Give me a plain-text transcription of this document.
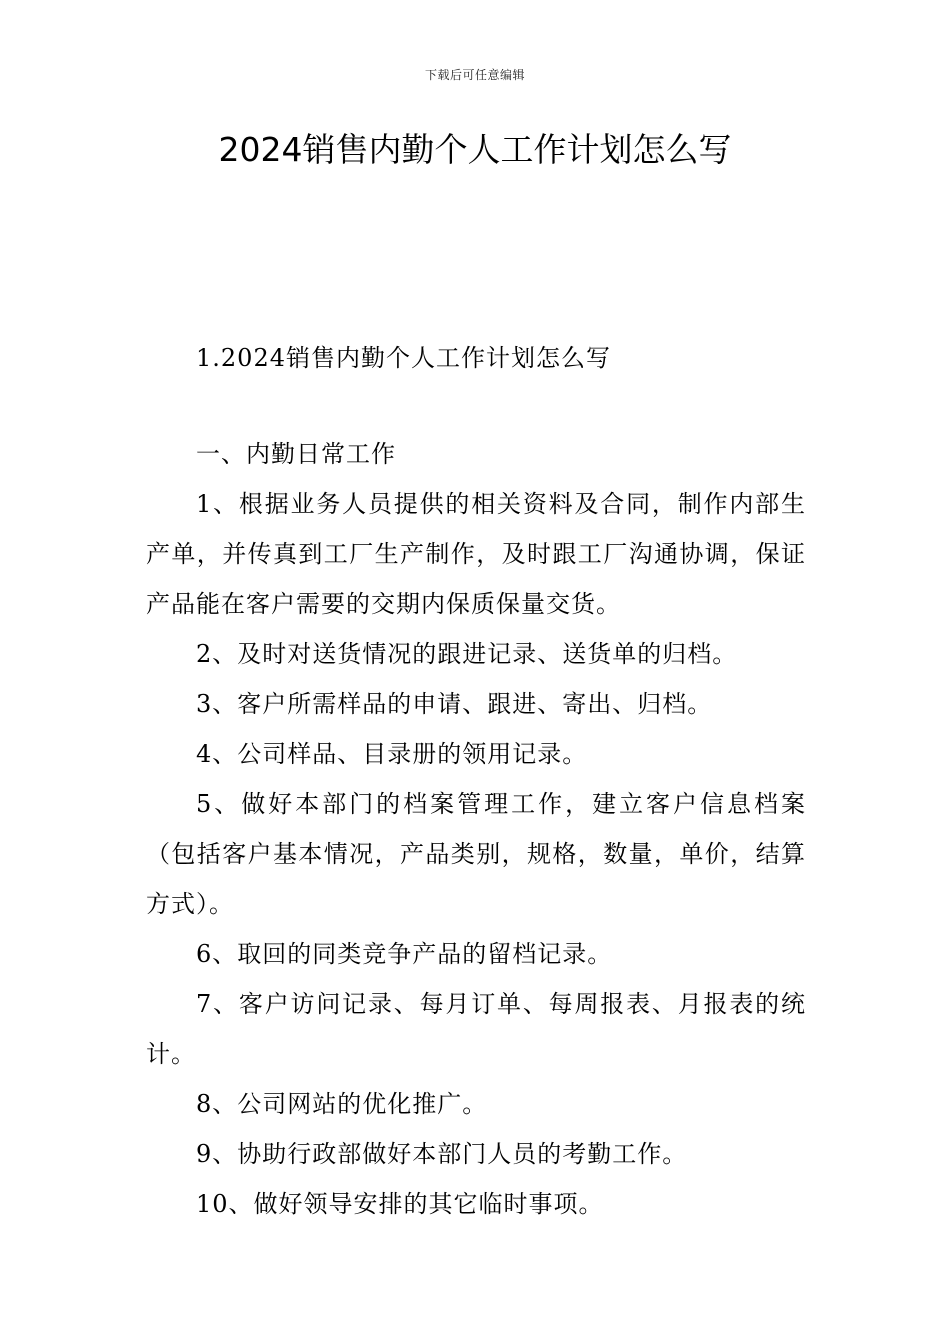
下载后可任意编辑
2024销售内勤个人工作计划怎么写

1.2024销售内勤个人工作计划怎么写

一、内勤日常工作

1、根据业务人员提供的相关资料及合同，制作内部生产单，并传真到工厂生产制作，及时跟工厂沟通协调，保证产品能在客户需要的交期内保质保量交货。

2、及时对送货情况的跟进记录、送货单的归档。

3、客户所需样品的申请、跟进、寄出、归档。

4、公司样品、目录册的领用记录。

5、做好本部门的档案管理工作，建立客户信息档案（包括客户基本情况，产品类别，规格，数量，单价，结算方式）。

6、取回的同类竞争产品的留档记录。

7、客户访问记录、每月订单、每周报表、月报表的统计。

8、公司网站的优化推广。

9、协助行政部做好本部门人员的考勤工作。

10、做好领导安排的其它临时事项。
